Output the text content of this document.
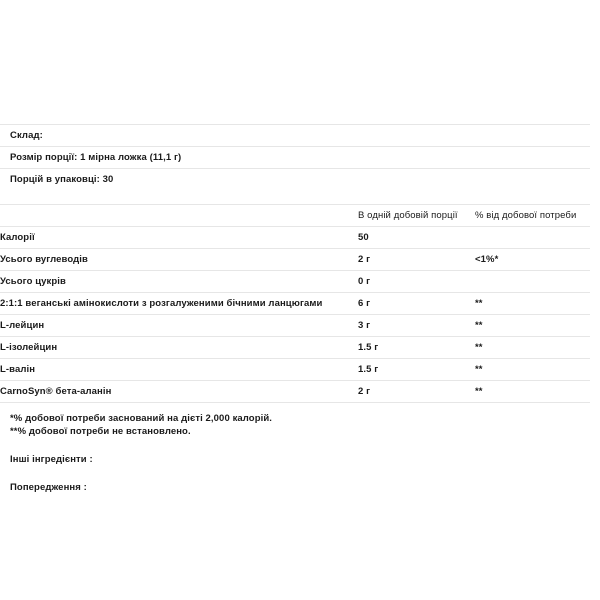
Склад:
Розмір порції: 1 мірна ложка (11,1 г)
Порцій в упаковці: 30
	В одній добовій порції	% від добової потреби
Калорії	50	
Усього вуглеводів	2 г	<1%*
Усього цукрів	0 г	
2:1:1 веганські амінокислоти з розгалуженими бічними ланцюгами	6 г	**
L-лейцин	3 г	**
L-ізолейцин	1.5 г	**
L-валін	1.5 г	**
CarnoSyn® бета-аланін	2 г	**
*% добової потреби заснований на дієті 2,000 калорій.
**% добової потреби не встановлено.
Інші інгредієнти :
Попередження :
